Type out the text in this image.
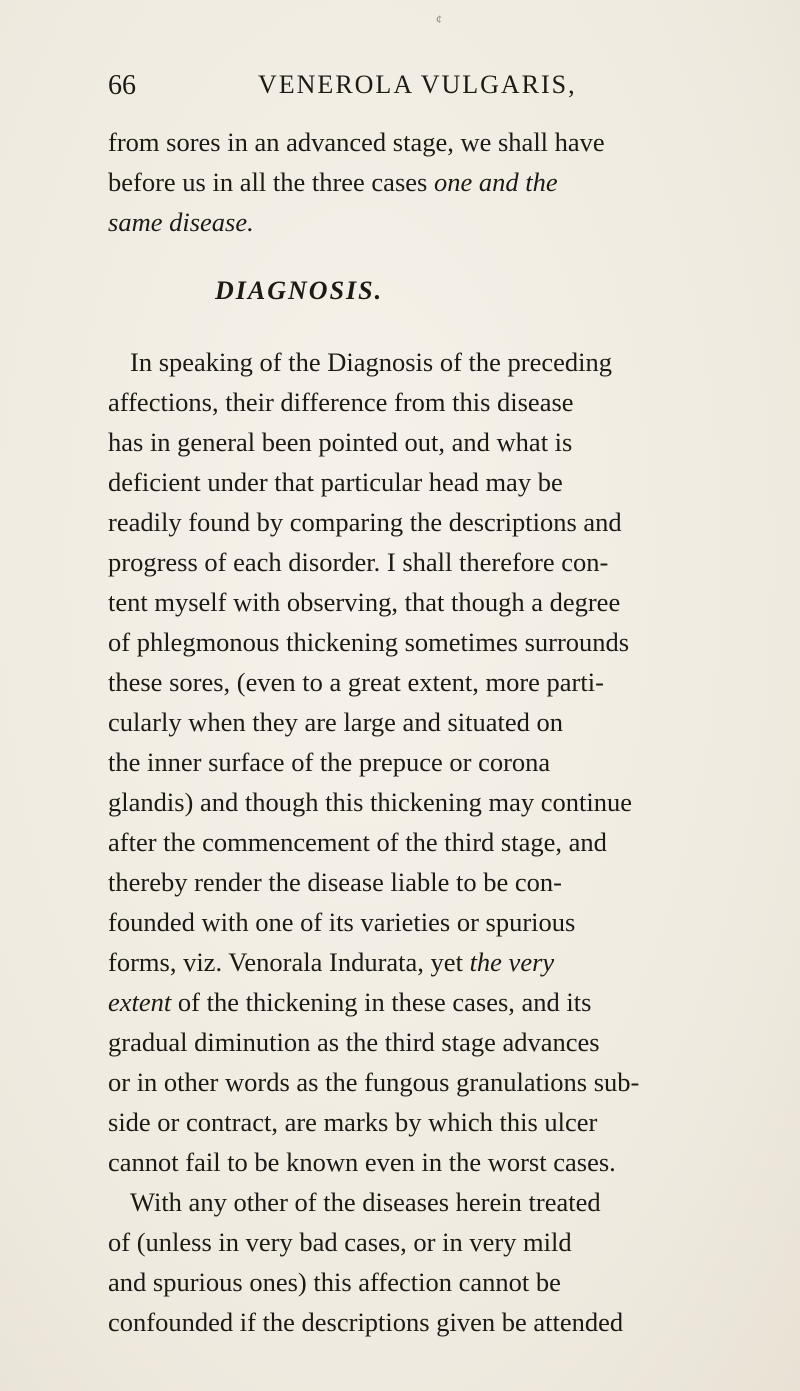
¢
66	VENEROLA VULGARIS,
from sores in an advanced stage, we shall have
before us in all the three cases one and the
same disease.
DIAGNOSIS.
In speaking of the Diagnosis of the preceding
affections, their difference from this disease
has in general been pointed out, and what is
deficient under that particular head may be
readily found by comparing the descriptions and
progress of each disorder. I shall therefore con-
tent myself with observing, that though a degree
of phlegmonous thickening sometimes surrounds
these sores, (even to a great extent, more parti-
cularly when they are large and situated on
the inner surface of the prepuce or corona
glandis) and though this thickening may continue
after the commencement of the third stage, and
thereby render the disease liable to be con-
founded with one of its varieties or spurious
forms, viz. Venorala Indurata, yet the very
extent of the thickening in these cases, and its
gradual diminution as the third stage advances
or in other words as the fungous granulations sub-
side or contract, are marks by which this ulcer
cannot fail to be known even in the worst cases.
With any other of the diseases herein treated
of (unless in very bad cases, or in very mild
and spurious ones) this affection cannot be
confounded if the descriptions given be attended
